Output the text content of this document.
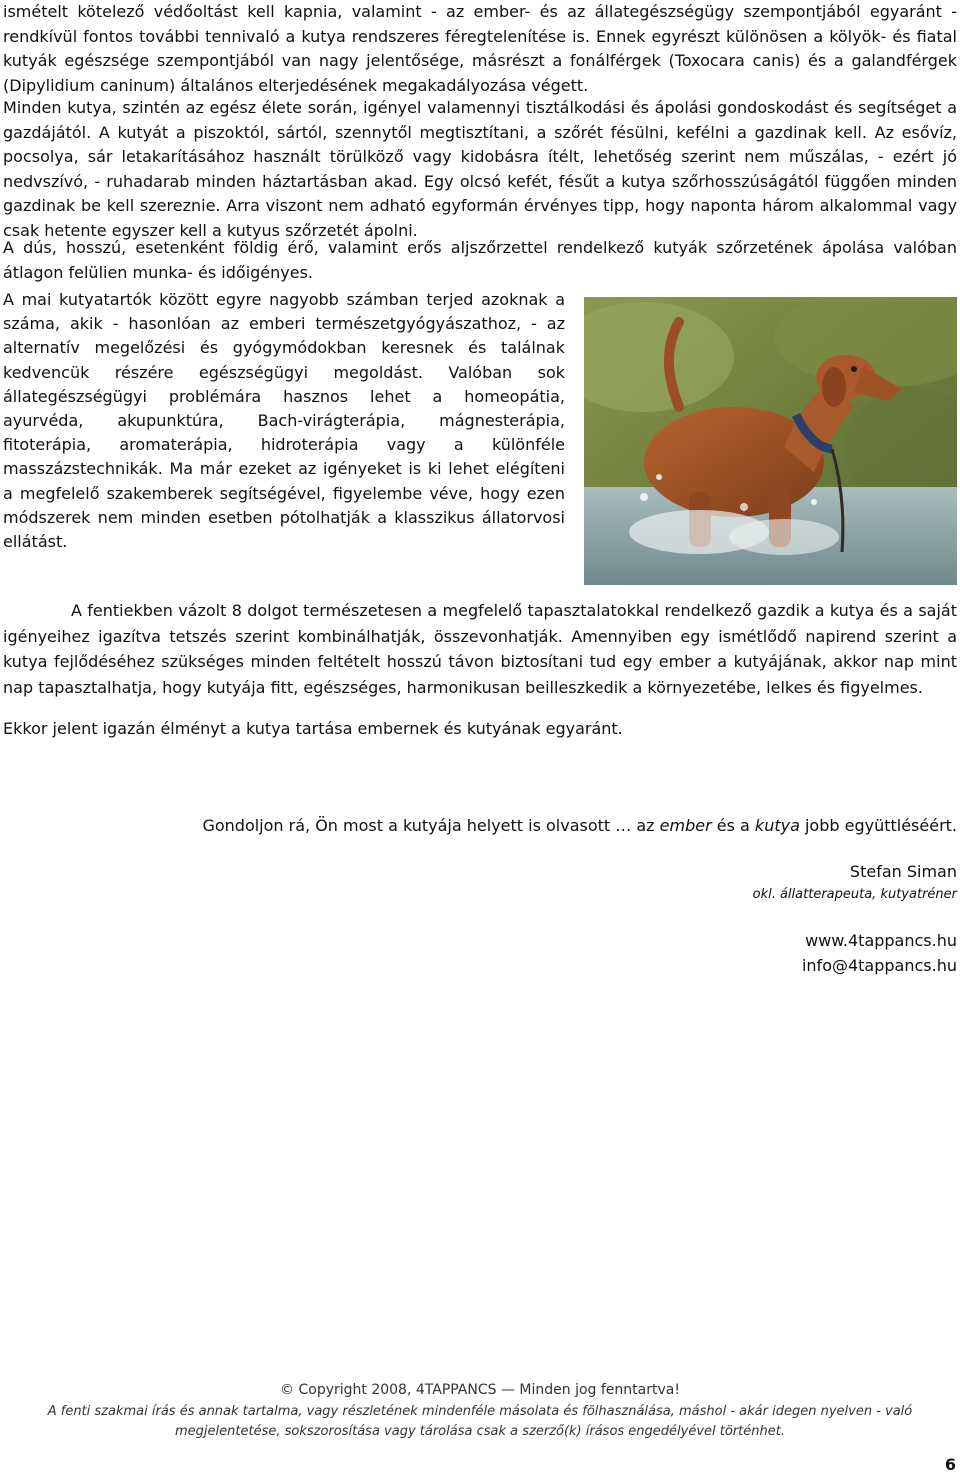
ismételt kötelező védőoltást kell kapnia, valamint - az ember- és az állategészségügy szempontjából egyaránt - rendkívül fontos további tennivaló a kutya rendszeres féregtelenítése is. Ennek egyrészt különösen a kölyök- és fiatal kutyák egészsége szempontjából van nagy jelentősége, másrészt a fonálférgek (Toxocara canis) és a galandférgek (Dipylidium caninum) általános elterjedésének megakadályozása végett.

Minden kutya, szintén az egész élete során, igényel valamennyi tisztálkodási és ápolási gondoskodást és segítséget a gazdájától. A kutyát a piszoktól, sártól, szennytől megtisztítani, a szőrét fésülni, kefélni a gazdinak kell. Az esővíz, pocsolya, sár letakarításához használt törülköző vagy kidobásra ítélt, lehetőség szerint nem műszálas, - ezért jó nedvszívó, - ruhadarab minden háztartásban akad. Egy olcsó kefét, fésűt a kutya szőrhosszúságától függően minden gazdinak be kell szereznie. Arra viszont nem adható egyformán érvényes tipp, hogy naponta három alkalommal vagy csak hetente egyszer kell a kutyus szőrzetét ápolni.

A dús, hosszú, esetenként földig érő, valamint erős aljszőrzettel rendelkező kutyák szőrzetének ápolása valóban átlagon felülien munka- és időigényes.

A mai kutyatartók között egyre nagyobb számban terjed azoknak a száma, akik - hasonlóan az emberi természetgyógyászathoz, - az alternatív megelőzési és gyógymódokban keresnek és találnak kedvencük részére egészségügyi megoldást. Valóban sok állategészségügyi problémára hasznos lehet a homeopátia, ayurvéda, akupunktúra, Bach-virágterápia, mágnesterápia, fitoterápia, aromaterápia, hidroterápia vagy a különféle masszázstechnikák. Ma már ezeket az igényeket is ki lehet elégíteni a megfelelő szakemberek segítségével, figyelembe véve, hogy ezen módszerek nem minden esetben pótolhatják a klasszikus állatorvosi ellátást.

A fentiekben vázolt 8 dolgot természetesen a megfelelő tapasztalatokkal rendelkező gazdik a kutya és a saját igényeihez igazítva tetszés szerint kombinálhatják, összevonhatják. Amennyiben egy ismétlődő napirend szerint a kutya fejlődéséhez szükséges minden feltételt hosszú távon biztosítani tud egy ember a kutyájának, akkor nap mint nap tapasztalhatja, hogy kutyája fitt, egészséges, harmonikusan beilleszkedik a környezetébe, lelkes és figyelmes.

Ekkor jelent igazán élményt a kutya tartása embernek és kutyának egyaránt.

Gondoljon rá, Ön most a kutyája helyett is olvasott … az ember és a kutya jobb együttléséért.

Stefan Siman

okl. állatterapeuta, kutyatréner

www.4tappancs.hu

info@4tappancs.hu

© Copyright 2008, 4TAPPANCS — Minden jog fenntartva!

A fenti szakmai írás és annak tartalma, vagy részletének mindenféle másolata és fölhasználása, máshol - akár idegen nyelven - való megjelentetése, sokszorosítása vagy tárolása csak a szerző(k) írásos engedélyével történhet.

6
